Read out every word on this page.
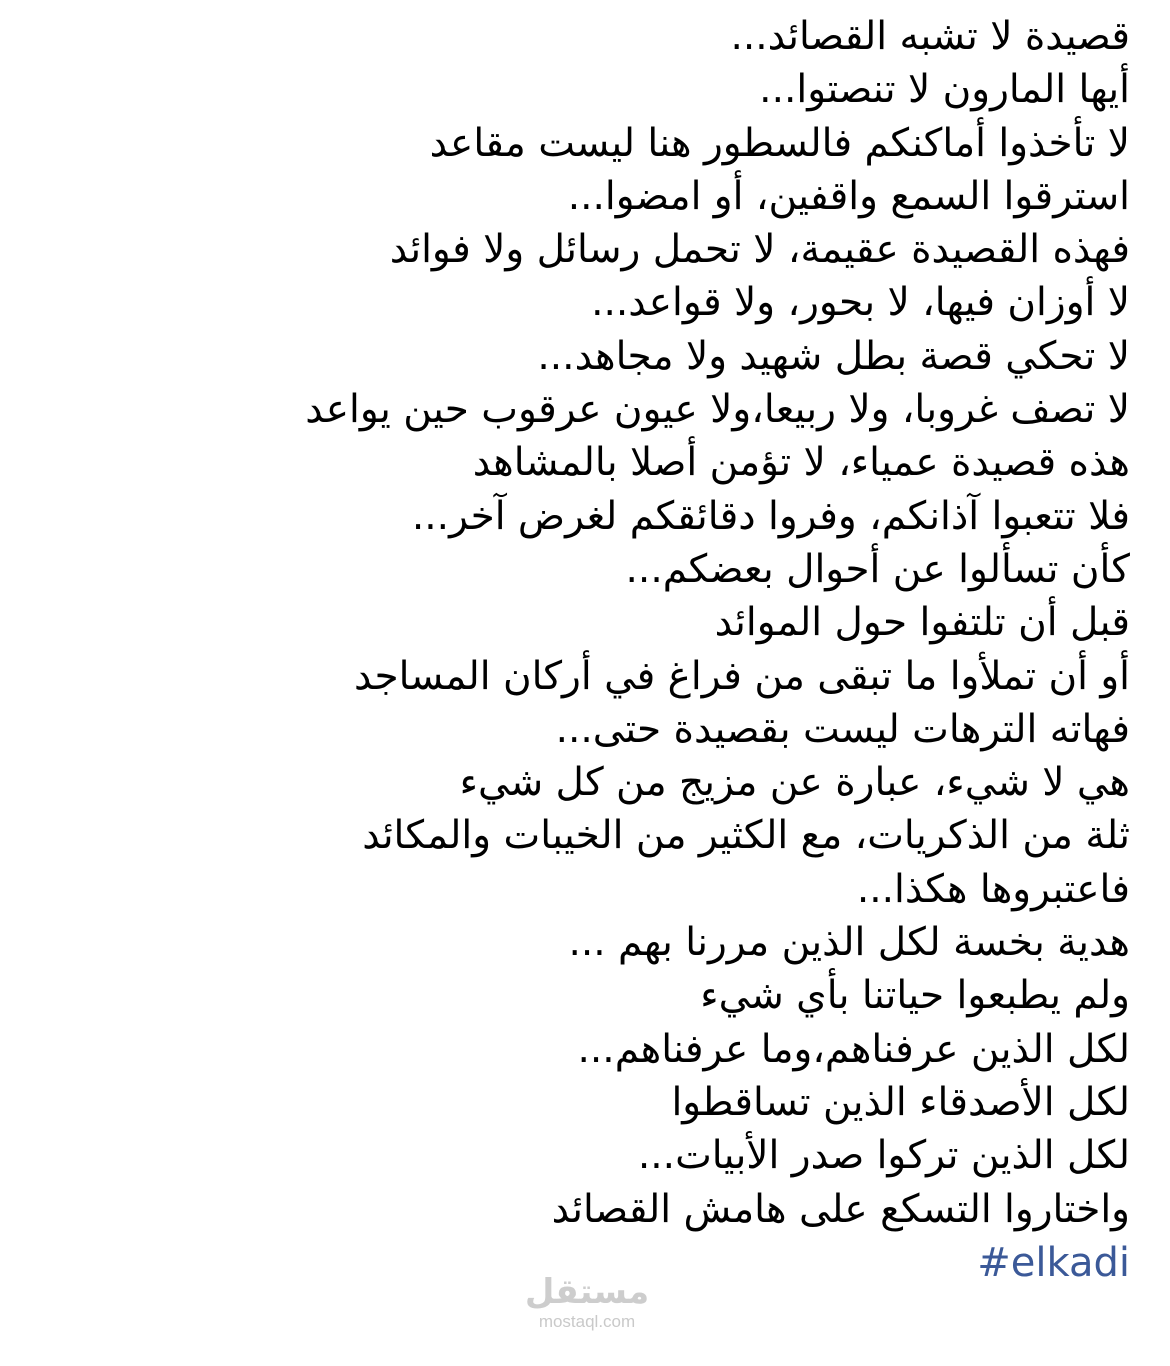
قصيدة لا تشبه القصائد...
أيها المارون لا تنصتوا...
لا تأخذوا أماكنكم فالسطور هنا ليست مقاعد
استرقوا السمع واقفين، أو امضوا...
فهذه القصيدة عقيمة، لا تحمل رسائل ولا فوائد
لا أوزان فيها، لا بحور، ولا قواعد...
لا تحكي قصة بطل شهيد ولا مجاهد...
لا تصف غروبا، ولا ربيعا،ولا عيون عرقوب حين يواعد
هذه قصيدة عمياء، لا تؤمن أصلا بالمشاهد
فلا تتعبوا آذانكم، وفروا دقائقكم لغرض آخر...
كأن تسألوا عن أحوال بعضكم...
قبل أن تلتفوا حول الموائد
أو أن تملأوا ما تبقى من فراغ في أركان المساجد
فهاته الترهات ليست بقصيدة حتى...
هي لا شيء، عبارة عن مزيج من كل شيء
ثلة من الذكريات، مع الكثير من الخيبات والمكائد
فاعتبروها هكذا...
هدية بخسة لكل الذين مررنا بهم ...
ولم يطبعوا حياتنا بأي شيء
لكل الذين عرفناهم،وما عرفناهم...
لكل الأصدقاء الذين تساقطوا
لكل الذين تركوا صدر الأبيات...
واختاروا التسكع على هامش القصائد
#elkadi
مستقل
mostaql.com
